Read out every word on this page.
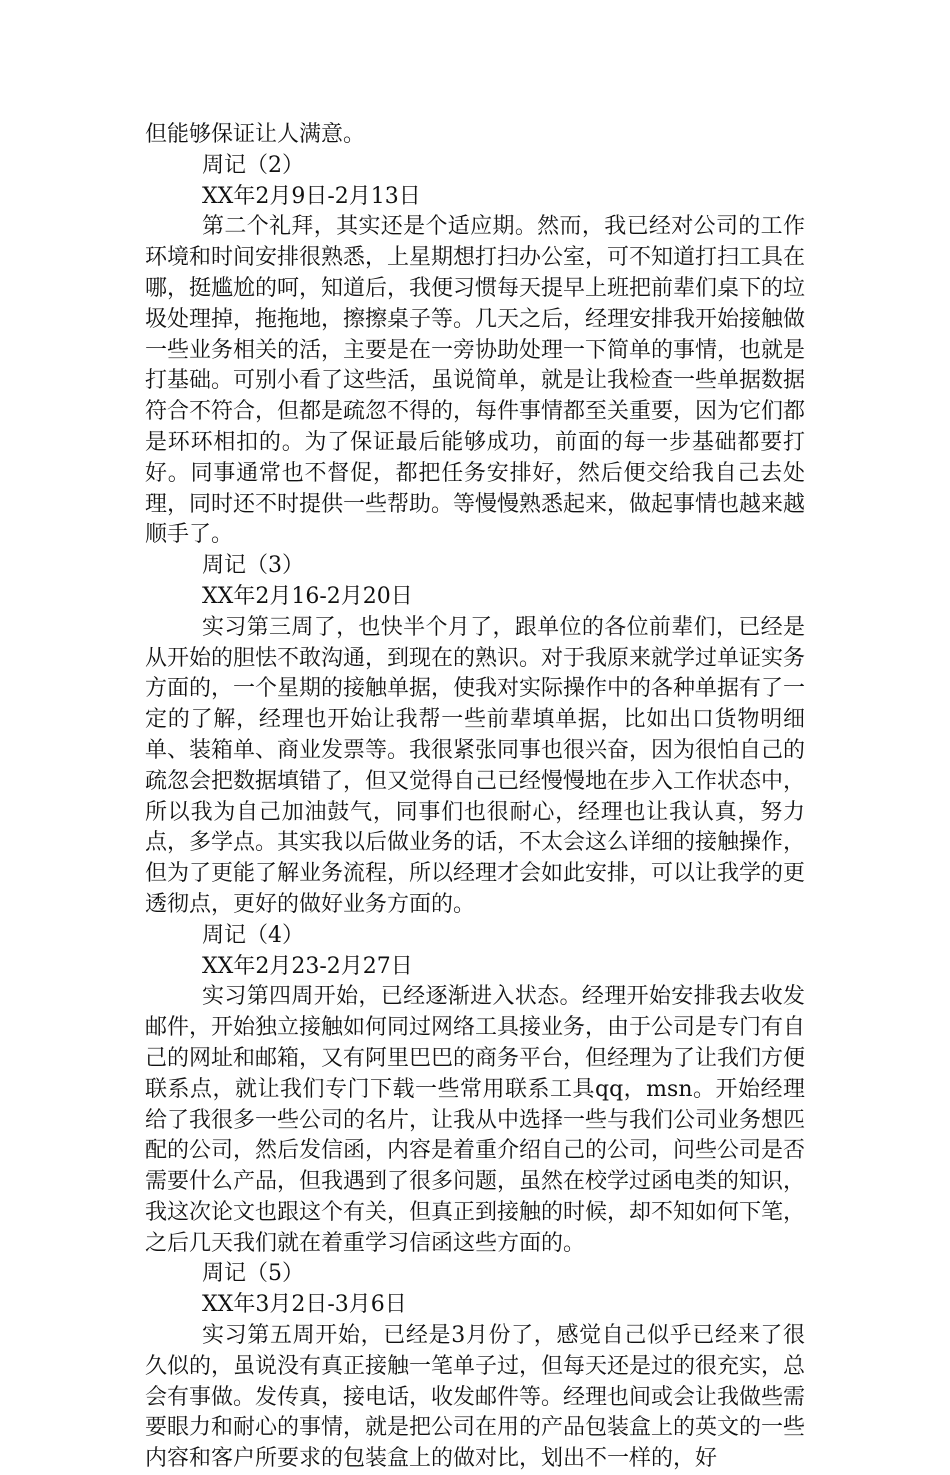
但能够保证让人满意。

周记（2）

XX年2月9日-2月13日

第二个礼拜，其实还是个适应期。然而，我已经对公司的工作环境和时间安排很熟悉，上星期想打扫办公室，可不知道打扫工具在哪，挺尴尬的呵，知道后，我便习惯每天提早上班把前辈们桌下的垃圾处理掉，拖拖地，擦擦桌子等。几天之后，经理安排我开始接触做一些业务相关的活，主要是在一旁协助处理一下简单的事情，也就是打基础。可别小看了这些活，虽说简单，就是让我检查一些单据数据符合不符合，但都是疏忽不得的，每件事情都至关重要，因为它们都是环环相扣的。为了保证最后能够成功，前面的每一步基础都要打好。同事通常也不督促，都把任务安排好，然后便交给我自己去处理，同时还不时提供一些帮助。等慢慢熟悉起来，做起事情也越来越顺手了。

周记（3）

XX年2月16-2月20日

实习第三周了，也快半个月了，跟单位的各位前辈们，已经是从开始的胆怯不敢沟通，到现在的熟识。对于我原来就学过单证实务方面的，一个星期的接触单据，使我对实际操作中的各种单据有了一定的了解，经理也开始让我帮一些前辈填单据，比如出口货物明细单、装箱单、商业发票等。我很紧张同事也很兴奋，因为很怕自己的疏忽会把数据填错了，但又觉得自己已经慢慢地在步入工作状态中，所以我为自己加油鼓气，同事们也很耐心，经理也让我认真，努力点，多学点。其实我以后做业务的话，不太会这么详细的接触操作，但为了更能了解业务流程，所以经理才会如此安排，可以让我学的更透彻点，更好的做好业务方面的。

周记（4）

XX年2月23-2月27日

实习第四周开始，已经逐渐进入状态。经理开始安排我去收发邮件，开始独立接触如何同过网络工具接业务，由于公司是专门有自己的网址和邮箱，又有阿里巴巴的商务平台，但经理为了让我们方便联系点，就让我们专门下载一些常用联系工具qq，msn。开始经理给了我很多一些公司的名片，让我从中选择一些与我们公司业务想匹配的公司，然后发信函，内容是着重介绍自己的公司，问些公司是否需要什么产品，但我遇到了很多问题，虽然在校学过函电类的知识，我这次论文也跟这个有关，但真正到接触的时候，却不知如何下笔，之后几天我们就在着重学习信函这些方面的。

周记（5）

XX年3月2日-3月6日

实习第五周开始，已经是3月份了，感觉自己似乎已经来了很久似的，虽说没有真正接触一笔单子过，但每天还是过的很充实，总会有事做。发传真，接电话，收发邮件等。经理也间或会让我做些需要眼力和耐心的事情，就是把公司在用的产品包装盒上的英文的一些内容和客户所要求的包装盒上的做对比，划出不一样的，好
